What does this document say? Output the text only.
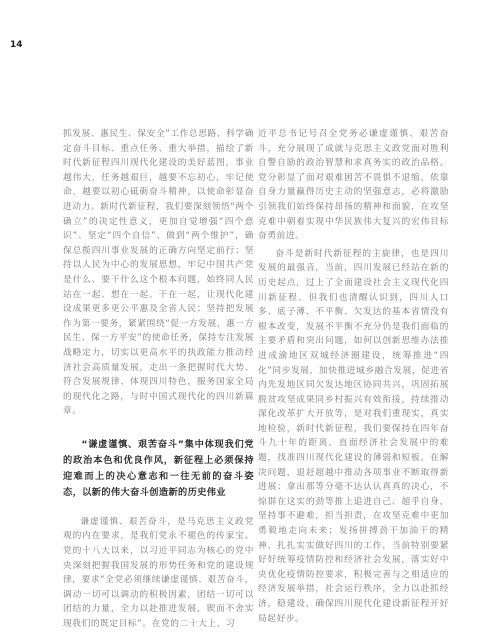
14

抓发展、惠民生、保安全”工作总思路，科学确定奋斗目标、重点任务、重大举措，描绘了新时代新征程四川现代化建设的美好蓝图，事业越伟大，任务越艰巨，越要不忘初心，牢记使命，越要以初心砥砺奋斗精神，以使命彰显奋进动力。新时代新征程，我们要深刻领悟“两个确立”的决定性意义，更加自觉增强“四个意识”、坚定“四个自信”、做到“两个维护”，确保总揽四川事业发展的正确方向坚定前行；坚持以人民为中心的发展思想，牢记中国共产党是什么、要干什么这个根本问题，始终同人民站在一起、想在一起、干在一起，让现代化建设成果更多更公平惠及全省人民；坚持把发展作为第一要务，紧紧围绕“促一方发展，惠一方民生、保一方平安”的使命任务，保持专注发展战略定力，切实以更高水平的执政能力推动经济社会高质量发展，走出一条把握时代大势、符合发展规律、体现四川特色，服务国家全局的现代化之路，与时中国式现代化的四川新篇章。

“谦虚谨慎、艰苦奋斗”集中体现我们党的政治本色和优良作风，新征程上必须保持迎难而上的决心意志和一往无前的奋斗姿态，以新的伟大奋斗创造新的历史伟业

谦虚谨慎、艰苦奋斗，是马克思主义政党观的内在要求，是我们党永不褪色的传家宝。党的十八大以来，以习近平同志为核心的党中央深刻把握我国发展的形势任务和党的建设规律，要求“全党必须继续谦虚谨慎、艰苦奋斗，调动一切可以调动的积极因素，团结一切可以团结的力量，全力以赴推进发展，锲而不舍实现我们的既定目标”。在党的二十大上，习

近平总书记号召全党务必谦虚谨慎、艰苦奋斗，充分展现了成就与克思主义政党面对胜利自警自励的政治智慧和求真务实的政治品格。党分彰显了面对艰难困苦不畏惧不退缩，依靠自身力量赢得历史主动的坚强意志，必将激励引领我们始终保持昂扬的精神和面貌，在攻坚克难中朝着实现中华民族伟大复兴的宏伟目标奋勇前进。

奋斗是新时代新征程的主旋律，也是四川发展的最强音，当前，四川发展已经站在新的历史起点，过上了全面建设社会主义现代化四川新征程。但我们也清醒认识到，四川人口多、底子薄、不平衡、欠发达的基本省情没有根本改变，发展不平衡不充分仍是我们面临的主要矛盾和突出问题，如何以创新思维办法推进成渝地区双城经济圈建设，统筹推进“四化”同步发展，加快推进城乡融合发展，促进省内先发地区同欠发达地区协同共兴，巩固拓展脱贫攻坚成果同乡村振兴有效衔接，持续推动深化改革扩大开放等，是对我们重现实，真实地检验，新时代新征程，我们要保持在四年奋斗九十年的距离，直面经济社会发展中的难题，找准四川现代化建设的薄弱和短板，在解决问题，退赶超越中推动各项事业不断取得新进展；拿出那等分毫不达认认真真的决心，不惊群在这实的劲等推上追进自己、超乎自身，坚持事不避难，担当担责，在攻坚克难中更加勇毅地走向未来；发扬拼搏劲干加油干的精神，扎扎实实做好四川的工作，当前特别要紧好好统筹疫情防控和经济社会发展，落实好中央优化疫情防控要求，积极完善与之相适应的经济发展举措，社会运行秩序，全力以赴抓经济，稳建设，确保四川现代化建设新征程开好局起好步。
